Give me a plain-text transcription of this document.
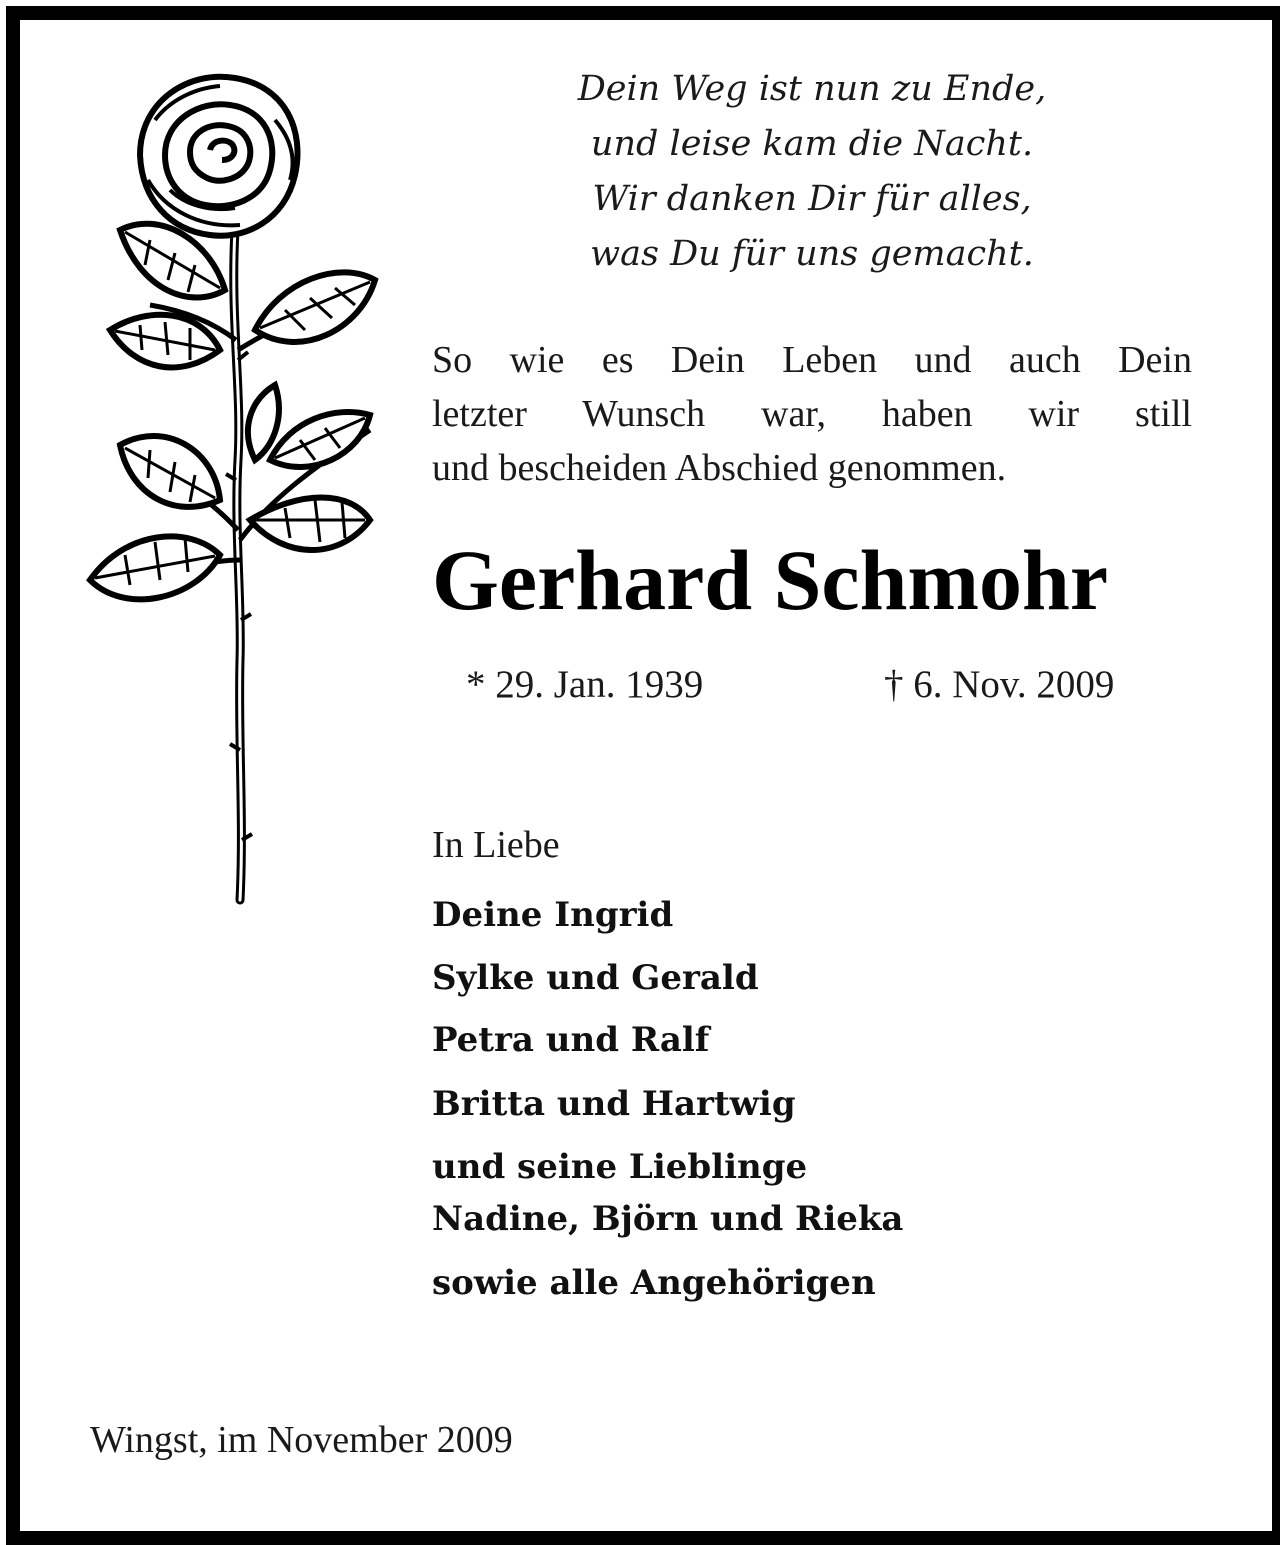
Dein Weg ist nun zu Ende,
und leise kam die Nacht.
Wir danken Dir für alles,
was Du für uns gemacht.
So wie es Dein Leben und auch Dein
letzter Wunsch war, haben wir still
und bescheiden Abschied genommen.
Gerhard Schmohr
* 29. Jan. 1939	† 6. Nov. 2009
In Liebe
Deine Ingrid
Sylke und Gerald
Petra und Ralf
Britta und Hartwig
und seine Lieblinge
Nadine, Björn und Rieka
sowie alle Angehörigen
Wingst, im November 2009
